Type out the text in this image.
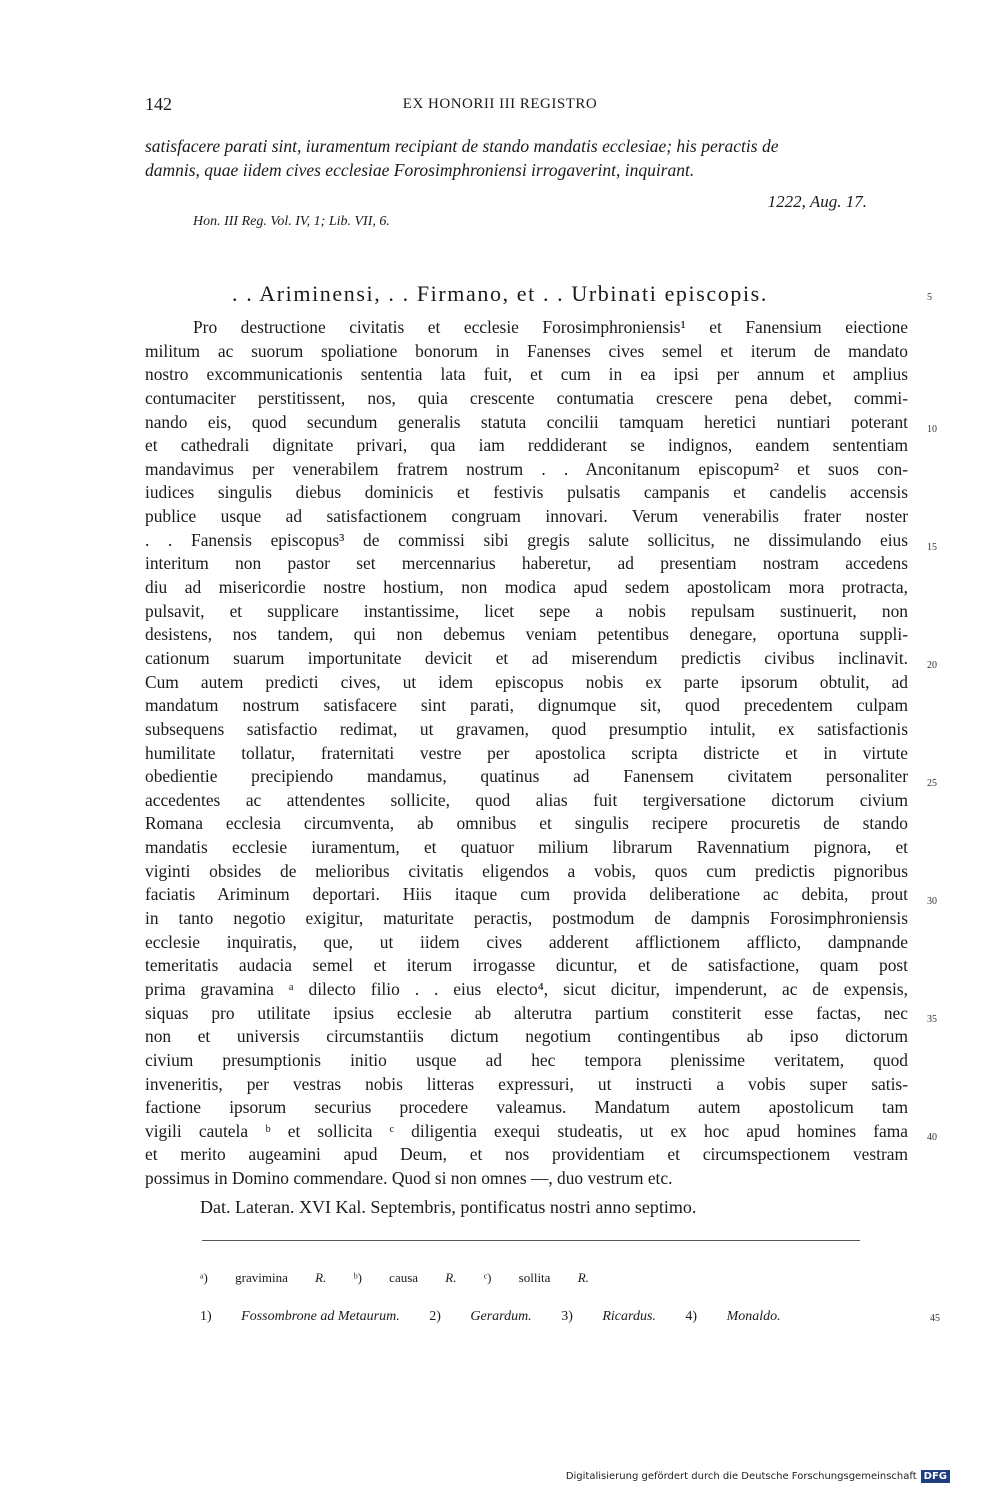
142	EX HONORII III REGISTRO
satisfacere parati sint, iuramentum recipiant de stando mandatis ecclesiae; his peractis de
damnis, quae iidem cives ecclesiae Forosimphroniensi irrogaverint, inquirant.
1222, Aug. 17.
Hon. III Reg. Vol. IV, 1; Lib. VII, 6.
. . Ariminensi, . . Firmano, et . . Urbinati episcopis.
Pro destructione civitatis et ecclesie Forosimphroniensis¹ et Fanensium eiectione
militum ac suorum spoliatione bonorum in Fanenses cives semel et iterum de mandato
nostro excommunicationis sententia lata fuit, et cum in ea ipsi per annum et amplius
contumaciter perstitissent, nos, quia crescente contumatia crescere pena debet, commi-
nando eis, quod secundum generalis statuta concilii tamquam heretici nuntiari poterant
et cathedrali dignitate privari, qua iam reddiderant se indignos, eandem sententiam
mandavimus per venerabilem fratrem nostrum . . Anconitanum episcopum² et suos con-
iudices singulis diebus dominicis et festivis pulsatis campanis et candelis accensis
publice usque ad satisfactionem congruam innovari. Verum venerabilis frater noster
. . Fanensis episcopus³ de commissi sibi gregis salute sollicitus, ne dissimulando eius
interitum non pastor set mercennarius haberetur, ad presentiam nostram accedens
diu ad misericordie nostre hostium, non modica apud sedem apostolicam mora protracta,
pulsavit, et supplicare instantissime, licet sepe a nobis repulsam sustinuerit, non
desistens, nos tandem, qui non debemus veniam petentibus denegare, oportuna suppli-
cationum suarum importunitate devicit et ad miserendum predictis civibus inclinavit.
Cum autem predicti cives, ut idem episcopus nobis ex parte ipsorum obtulit, ad
mandatum nostrum satisfacere sint parati, dignumque sit, quod precedentem culpam
subsequens satisfactio redimat, ut gravamen, quod presumptio intulit, ex satisfactionis
humilitate tollatur, fraternitati vestre per apostolica scripta districte et in virtute
obedientie precipiendo mandamus, quatinus ad Fanensem civitatem personaliter
accedentes ac attendentes sollicite, quod alias fuit tergiversatione dictorum civium
Romana ecclesia circumventa, ab omnibus et singulis recipere procuretis de stando
mandatis ecclesie iuramentum, et quatuor milium librarum Ravennatium pignora, et
viginti obsides de melioribus civitatis eligendos a vobis, quos cum predictis pignoribus
faciatis Ariminum deportari. Hiis itaque cum provida deliberatione ac debita, prout
in tanto negotio exigitur, maturitate peractis, postmodum de dampnis Forosimphroniensis
ecclesie inquiratis, que, ut iidem cives adderent afflictionem afflicto, dampnande
temeritatis audacia semel et iterum irrogasse dicuntur, et de satisfactione, quam post
prima gravamina ᵃ dilecto filio . . eius electo⁴, sicut dicitur, impenderunt, ac de expensis,
siquas pro utilitate ipsius ecclesie ab alterutra partium constiterit esse factas, nec
non et universis circumstantiis dictum negotium contingentibus ab ipso dictorum
civium presumptionis initio usque ad hec tempora plenissime veritatem, quod
inveneritis, per vestras nobis litteras expressuri, ut instructi a vobis super satis-
factione ipsorum securius procedere valeamus. Mandatum autem apostolicum tam
vigili cautela ᵇ et sollicita ᶜ diligentia exequi studeatis, ut ex hoc apud homines fama
et merito augeamini apud Deum, et nos providentiam et circumspectionem vestram
possimus in Domino commendare. Quod si non omnes —, duo vestrum etc.
5
10
15
20
25
30
35
40
Dat. Lateran. XVI Kal. Septembris, pontificatus nostri anno septimo.
ᵃ) gravimina R. ᵇ) causa R. ᶜ) sollita R.
1) Fossombrone ad Metaurum. 2) Gerardum. 3) Ricardus. 4) Monaldo.	45
Digitalisierung gefördert durch die Deutsche Forschungsgemeinschaft DFG
